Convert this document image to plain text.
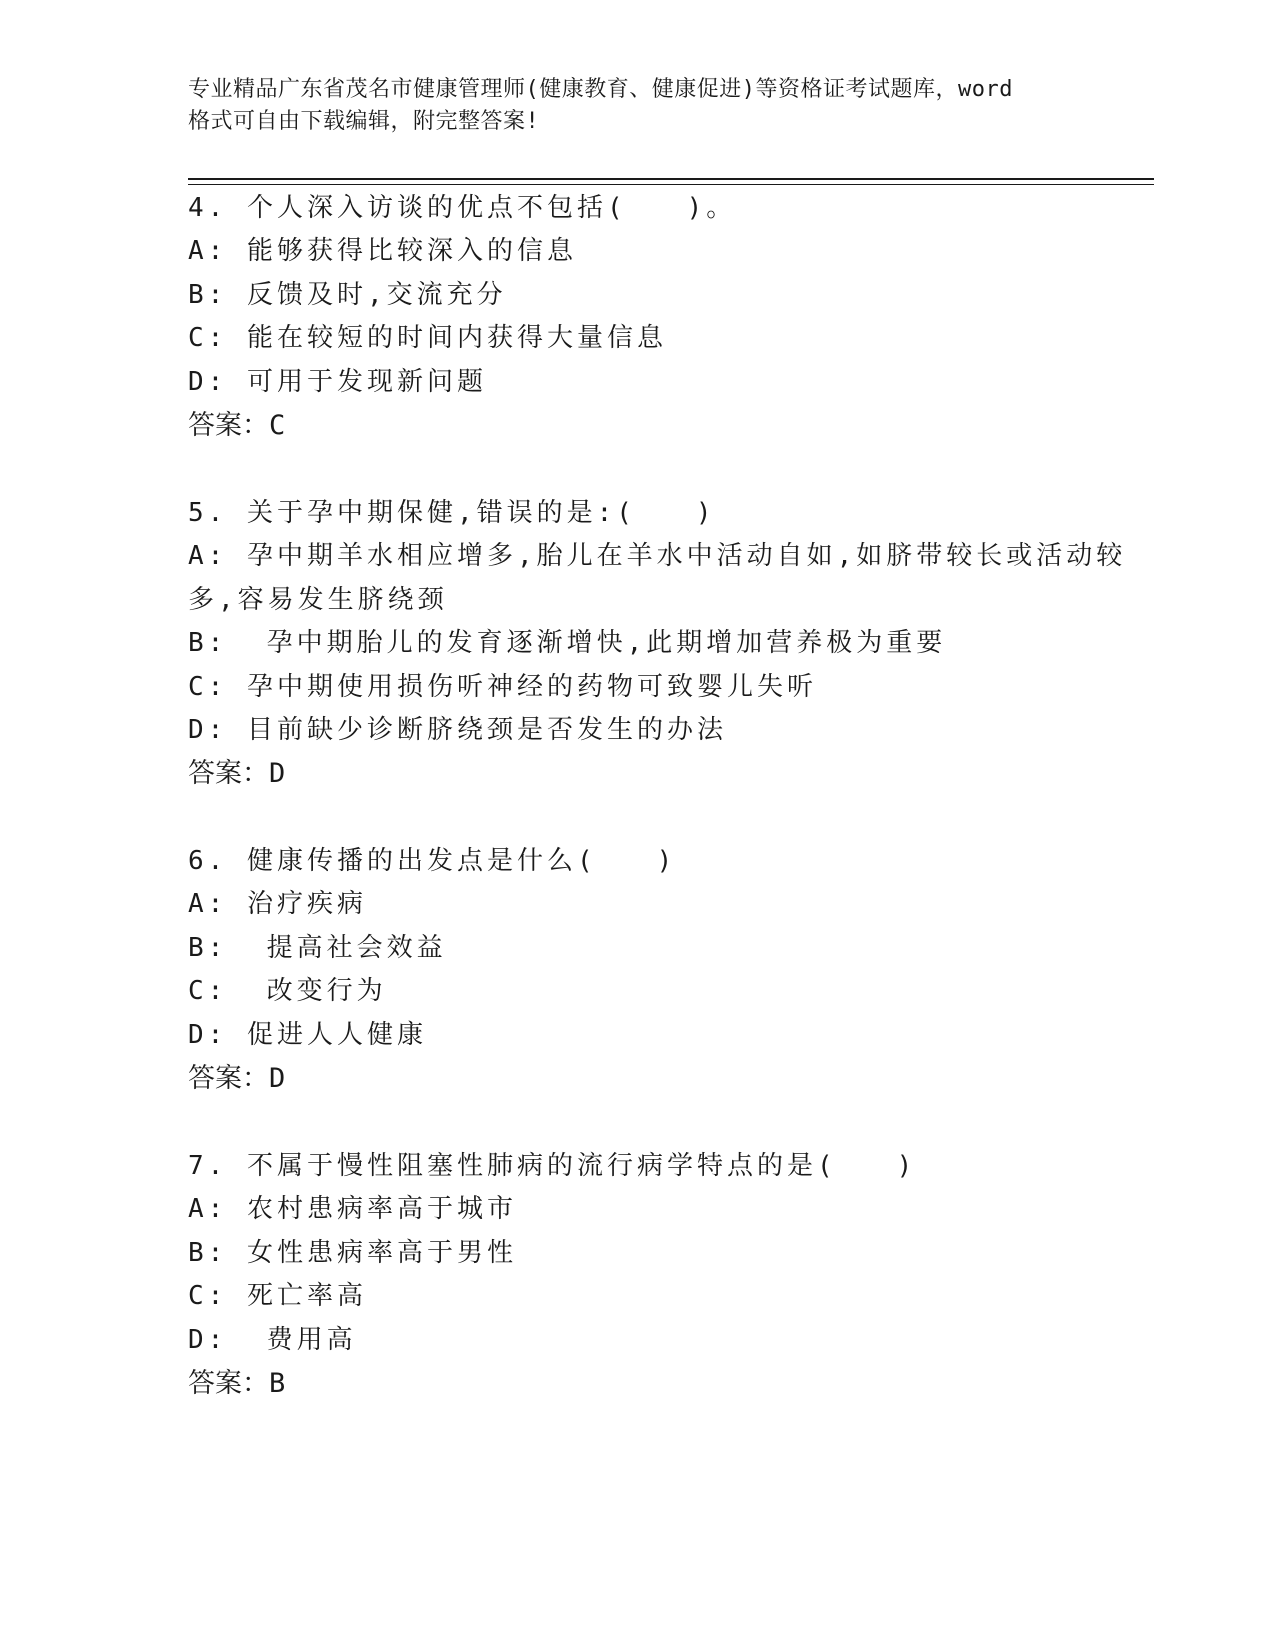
专业精品广东省茂名市健康管理师(健康教育、健康促进)等资格证考试题库，word
格式可自由下载编辑，附完整答案!
4. 个人深入访谈的优点不包括(　　)。
A: 能够获得比较深入的信息
B: 反馈及时,交流充分
C: 能在较短的时间内获得大量信息
D: 可用于发现新问题
答案：C
5. 关于孕中期保健,错误的是:(　　)
A: 孕中期羊水相应增多,胎儿在羊水中活动自如,如脐带较长或活动较
多,容易发生脐绕颈
B:  孕中期胎儿的发育逐渐增快,此期增加营养极为重要
C: 孕中期使用损伤听神经的药物可致婴儿失听
D: 目前缺少诊断脐绕颈是否发生的办法
答案：D
6. 健康传播的出发点是什么(　　)
A: 治疗疾病
B:  提高社会效益
C:  改变行为
D: 促进人人健康
答案：D
7. 不属于慢性阻塞性肺病的流行病学特点的是(　　)
A: 农村患病率高于城市
B: 女性患病率高于男性
C: 死亡率高
D:  费用高
答案：B
